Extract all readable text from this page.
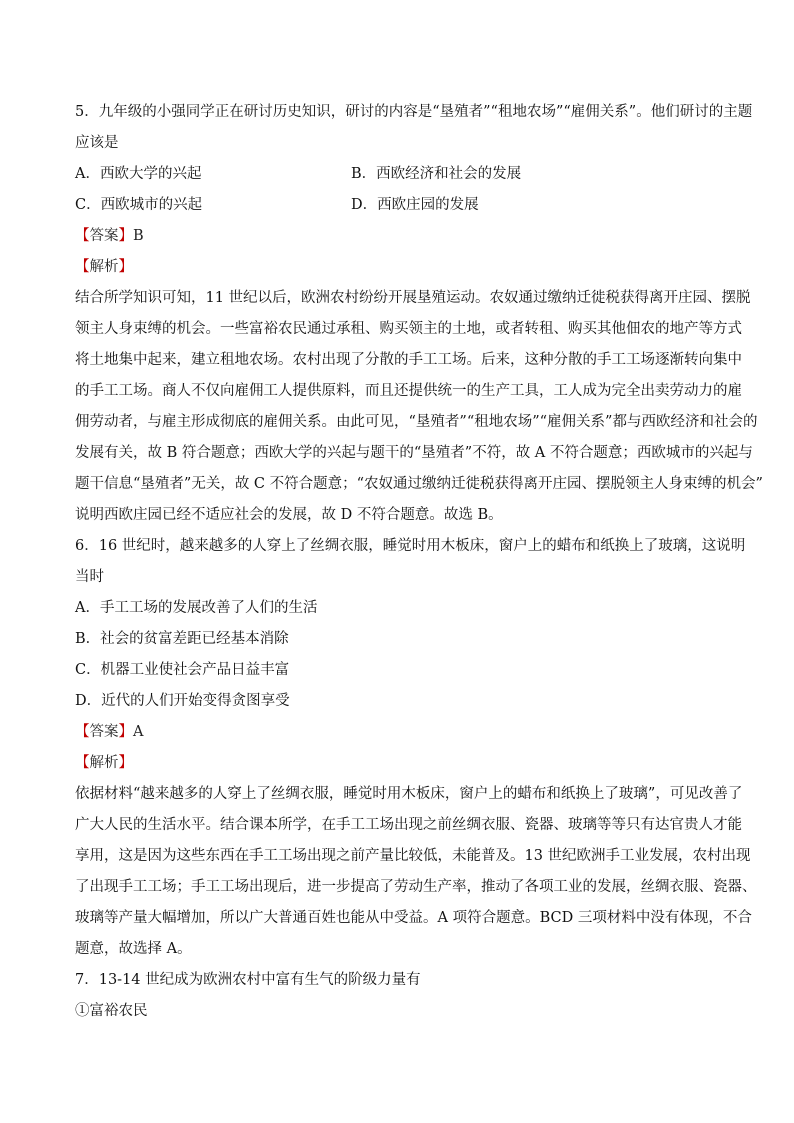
5．九年级的小强同学正在研讨历史知识，研讨的内容是“垦殖者”“租地农场”“雇佣关系”。他们研讨的主题
应该是
A．西欧大学的兴起	B．西欧经济和社会的发展
C．西欧城市的兴起	D．西欧庄园的发展
【答案】B
【解析】
结合所学知识可知，11 世纪以后，欧洲农村纷纷开展垦殖运动。农奴通过缴纳迁徙税获得离开庄园、摆脱
领主人身束缚的机会。一些富裕农民通过承租、购买领主的土地，或者转租、购买其他佃农的地产等方式
将土地集中起来，建立租地农场。农村出现了分散的手工工场。后来，这种分散的手工工场逐渐转向集中
的手工工场。商人不仅向雇佣工人提供原料，而且还提供统一的生产工具，工人成为完全出卖劳动力的雇
佣劳动者，与雇主形成彻底的雇佣关系。由此可见，“垦殖者”“租地农场”“雇佣关系”都与西欧经济和社会的
发展有关，故 B 符合题意；西欧大学的兴起与题干的“垦殖者”不符，故 A 不符合题意；西欧城市的兴起与
题干信息“垦殖者”无关，故 C 不符合题意；“农奴通过缴纳迁徙税获得离开庄园、摆脱领主人身束缚的机会”
说明西欧庄园已经不适应社会的发展，故 D 不符合题意。故选 B。
6．16 世纪时，越来越多的人穿上了丝绸衣服，睡觉时用木板床，窗户上的蜡布和纸换上了玻璃，这说明
当时
A．手工工场的发展改善了人们的生活
B．社会的贫富差距已经基本消除
C．机器工业使社会产品日益丰富
D．近代的人们开始变得贪图享受
【答案】A
【解析】
依据材料“越来越多的人穿上了丝绸衣服，睡觉时用木板床，窗户上的蜡布和纸换上了玻璃”，可见改善了
广大人民的生活水平。结合课本所学，在手工工场出现之前丝绸衣服、瓷器、玻璃等等只有达官贵人才能
享用，这是因为这些东西在手工工场出现之前产量比较低，未能普及。13 世纪欧洲手工业发展，农村出现
了出现手工工场；手工工场出现后，进一步提高了劳动生产率，推动了各项工业的发展，丝绸衣服、瓷器、
玻璃等产量大幅增加，所以广大普通百姓也能从中受益。A 项符合题意。BCD 三项材料中没有体现，不合
题意，故选择 A。
7．13-14 世纪成为欧洲农村中富有生气的阶级力量有
①富裕农民
